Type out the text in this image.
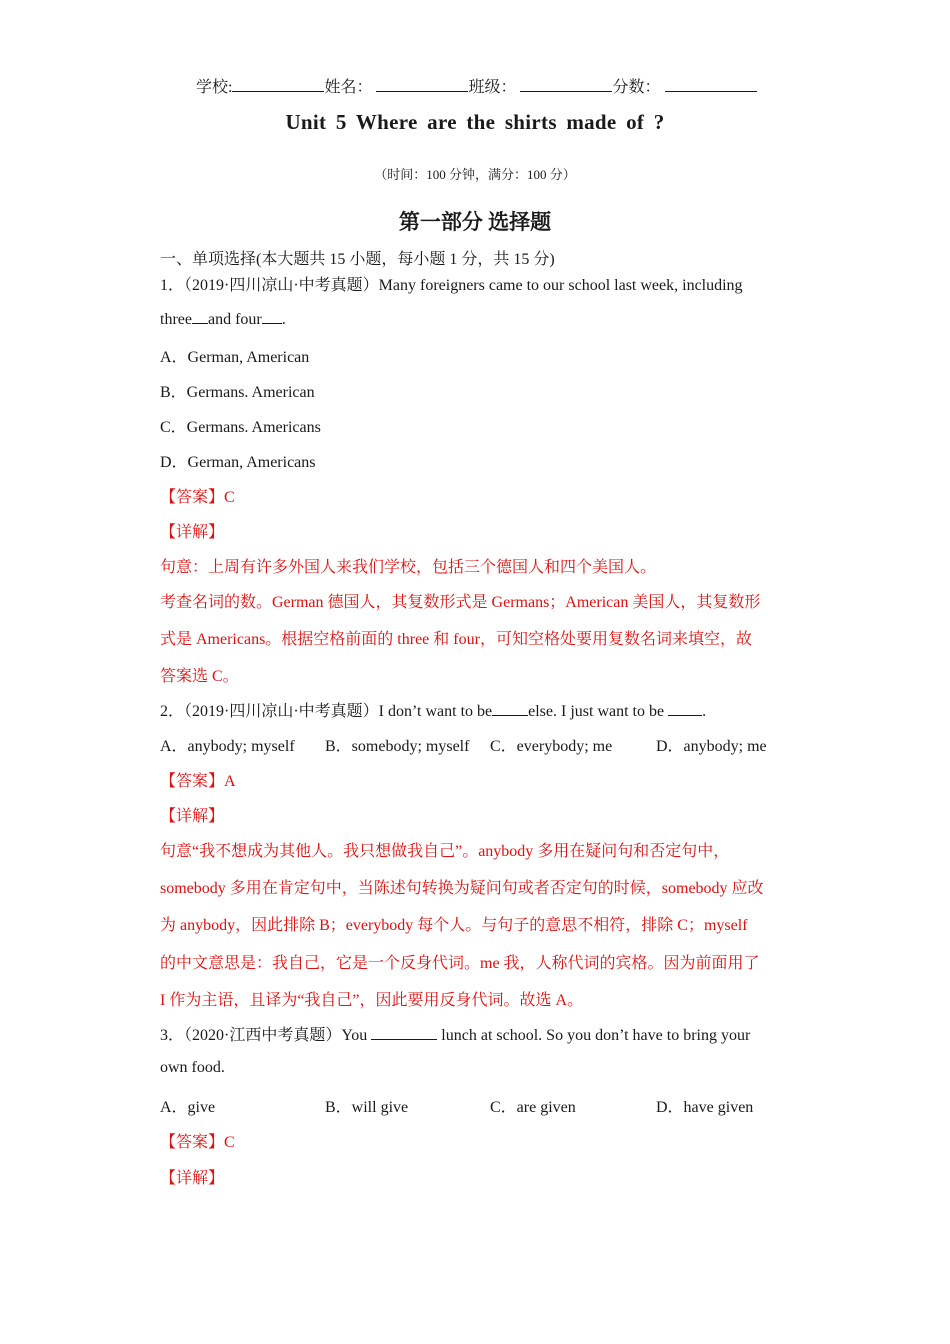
学校:	姓名：	班级：	分数：
Unit 5 Where are the shirts made of ?
（时间：100 分钟，满分：100 分）
第一部分 选择题
一、单项选择(本大题共 15 小题，每小题 1 分，共 15 分)
1．（2019·四川凉山·中考真题）Many foreigners came to our school last week, including
three and four .
A．German, American
B．Germans. American
C．Germans. Americans
D．German, Americans
【答案】C
【详解】
句意：上周有许多外国人来我们学校，包括三个德国人和四个美国人。
考查名词的数。German 德国人，其复数形式是 Germans；American 美国人，其复数形
式是 Americans。根据空格前面的 three 和 four，可知空格处要用复数名词来填空，故
答案选 C。
2．（2019·四川凉山·中考真题）I don’t want to be else. I just want to be .
A．anybody; myself B．somebody; myself C．everybody; me	D．anybody; me
【答案】A
【详解】
句意“我不想成为其他人。我只想做我自己”。anybody 多用在疑问句和否定句中，
somebody 多用在肯定句中，当陈述句转换为疑问句或者否定句的时候，somebody 应改
为 anybody，因此排除 B；everybody 每个人。与句子的意思不相符，排除 C；myself
的中文意思是：我自己，它是一个反身代词。me 我，人称代词的宾格。因为前面用了
I 作为主语，且译为“我自己”，因此要用反身代词。故选 A。
3．（2020·江西中考真题）You	lunch at school. So you don’t have to bring your
own food.
A．give	B．will give	C．are given	D．have given
【答案】C
【详解】
